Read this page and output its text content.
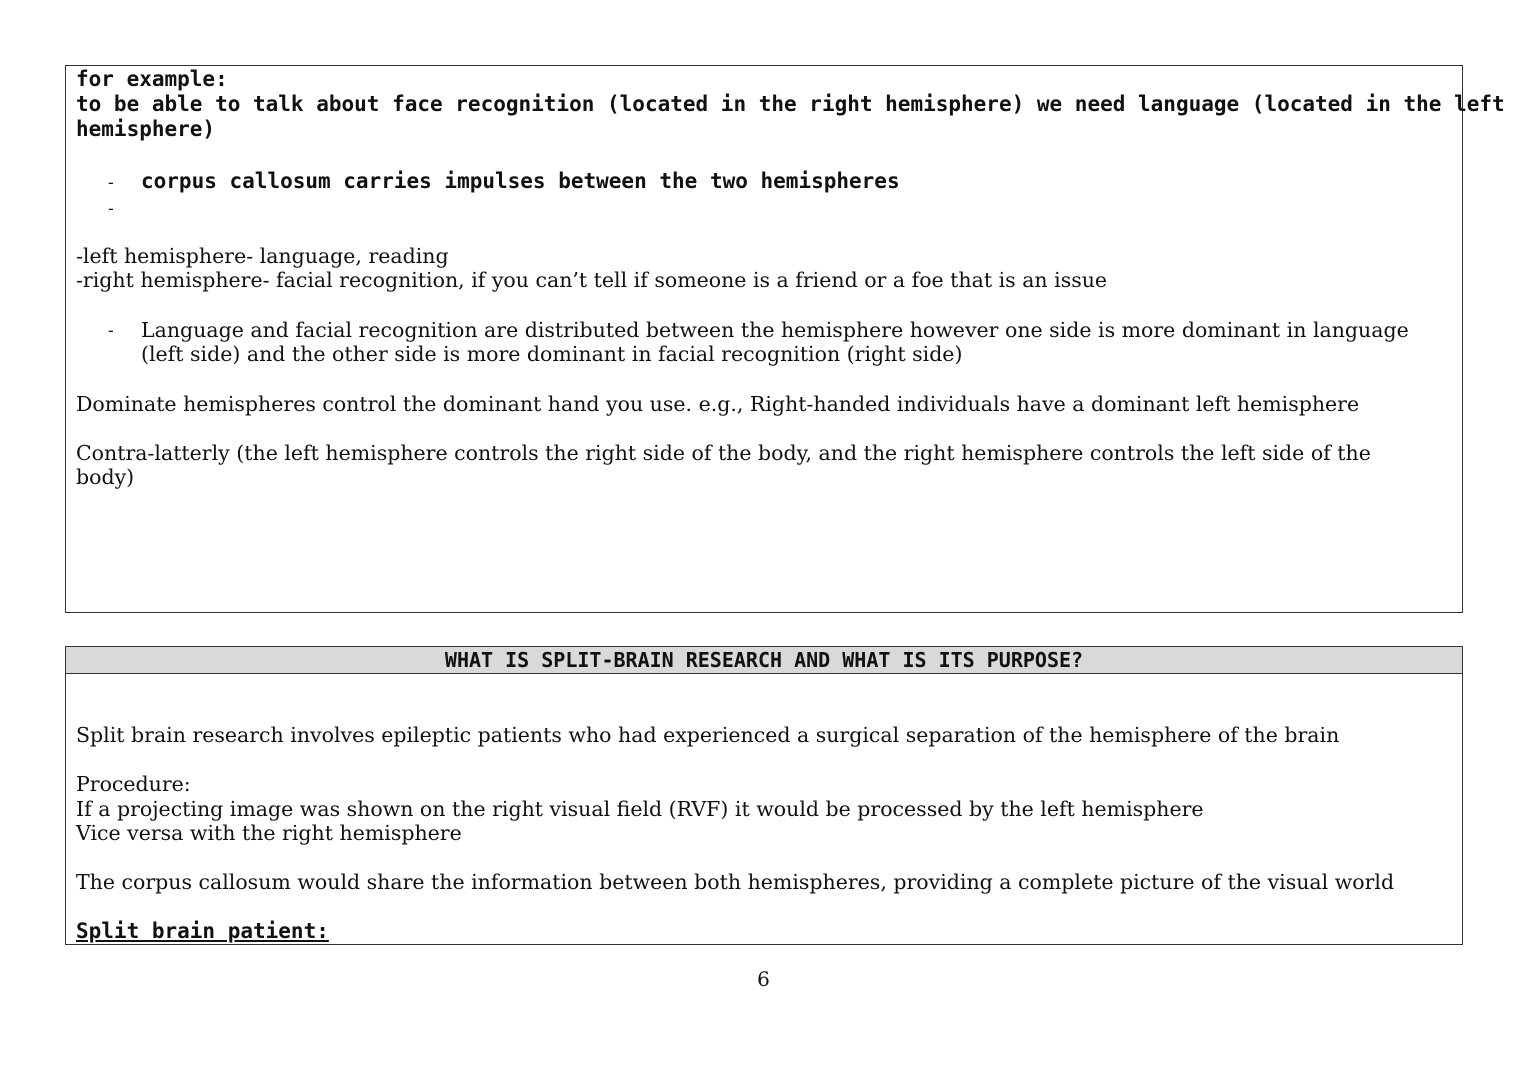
for example:

to be able to talk about face recognition (located in the right hemisphere) we need language (located in the left

hemisphere)

- corpus callosum carries impulses between the two hemispheres

-

-left hemisphere- language, reading

-right hemisphere- facial recognition, if you can’t tell if someone is a friend or a foe that is an issue

- Language and facial recognition are distributed between the hemisphere however one side is more dominant in language

(left side) and the other side is more dominant in facial recognition (right side)

Dominate hemispheres control the dominant hand you use. e.g., Right-handed individuals have a dominant left hemisphere

Contra-latterly (the left hemisphere controls the right side of the body, and the right hemisphere controls the left side of the

body)

WHAT IS SPLIT-BRAIN RESEARCH AND WHAT IS ITS PURPOSE?

Split brain research involves epileptic patients who had experienced a surgical separation of the hemisphere of the brain

Procedure:

If a projecting image was shown on the right visual field (RVF) it would be processed by the left hemisphere

Vice versa with the right hemisphere

The corpus callosum would share the information between both hemispheres, providing a complete picture of the visual world

Split brain patient:

6
